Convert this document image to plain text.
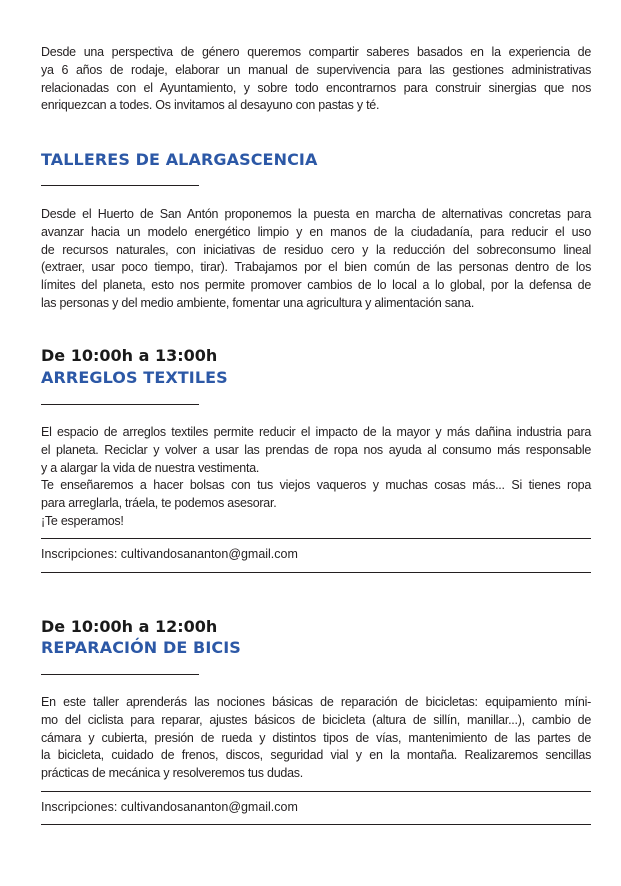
Desde una perspectiva de género queremos compartir saberes basados en la experiencia de
ya 6 años de rodaje, elaborar un manual de supervivencia para las gestiones administrativas
relacionadas con el Ayuntamiento, y sobre todo encontrarnos para construir sinergias que nos
enriquezcan a todes. Os invitamos al desayuno con pastas y té.
TALLERES DE ALARGASCENCIA
Desde el Huerto de San Antón proponemos la puesta en marcha de alternativas concretas para
avanzar hacia un modelo energético limpio y en manos de la ciudadanía, para reducir el uso
de recursos naturales, con iniciativas de residuo cero y la reducción del sobreconsumo lineal
(extraer, usar poco tiempo, tirar). Trabajamos por el bien común de las personas dentro de los
límites del planeta, esto nos permite promover cambios de lo local a lo global, por la defensa de
las personas y del medio ambiente, fomentar una agricultura y alimentación sana.
De 10:00h a 13:00h
ARREGLOS TEXTILES
El espacio de arreglos textiles permite reducir el impacto de la mayor y más dañina industria para
el planeta. Reciclar y volver a usar las prendas de ropa nos ayuda al consumo más responsable
y a alargar la vida de nuestra vestimenta.
Te enseñaremos a hacer bolsas con tus viejos vaqueros y muchas cosas más... Si tienes ropa
para arreglarla, tráela, te podemos asesorar.
¡Te esperamos!
Inscripciones: cultivandosananton@gmail.com
De 10:00h a 12:00h
REPARACIÓN DE BICIS
En este taller aprenderás las nociones básicas de reparación de bicicletas: equipamiento míni-
mo del ciclista para reparar, ajustes básicos de bicicleta (altura de sillín, manillar...), cambio de
cámara y cubierta, presión de rueda y distintos tipos de vías, mantenimiento de las partes de
la bicicleta, cuidado de frenos, discos, seguridad vial y en la montaña. Realizaremos sencillas
prácticas de mecánica y resolveremos tus dudas.
Inscripciones: cultivandosananton@gmail.com
